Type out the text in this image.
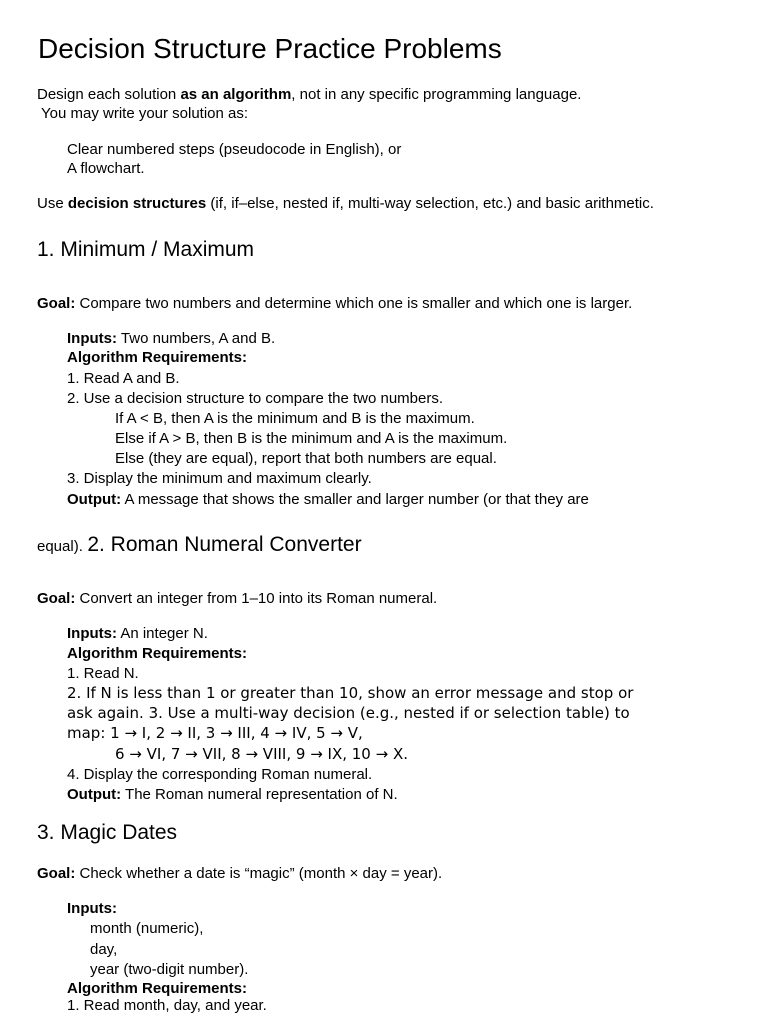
Decision Structure Practice Problems
Design each solution as an algorithm, not in any specific programming language.
You may write your solution as:
Clear numbered steps (pseudocode in English), or
A flowchart.
Use decision structures (if, if–else, nested if, multi-way selection, etc.) and basic arithmetic.
1. Minimum / Maximum
Goal: Compare two numbers and determine which one is smaller and which one is larger.
Inputs: Two numbers, A and B.
Algorithm Requirements:
1. Read A and B.
2. Use a decision structure to compare the two numbers.
If A < B, then A is the minimum and B is the maximum.
Else if A > B, then B is the minimum and A is the maximum.
Else (they are equal), report that both numbers are equal.
3. Display the minimum and maximum clearly.
Output: A message that shows the smaller and larger number (or that they are
equal). 2. Roman Numeral Converter
Goal: Convert an integer from 1–10 into its Roman numeral.
Inputs: An integer N.
Algorithm Requirements:
1. Read N.
2. If N is less than 1 or greater than 10, show an error message and stop or
ask again. 3. Use a multi-way decision (e.g., nested if or selection table) to
map: 1 → I, 2 → II, 3 → III, 4 → IV, 5 → V,
6 → VI, 7 → VII, 8 → VIII, 9 → IX, 10 → X.
4. Display the corresponding Roman numeral.
Output: The Roman numeral representation of N.
3. Magic Dates
Goal: Check whether a date is “magic” (month × day = year).
Inputs:
month (numeric),
day,
year (two-digit number).
Algorithm Requirements:
1. Read month, day, and year.
